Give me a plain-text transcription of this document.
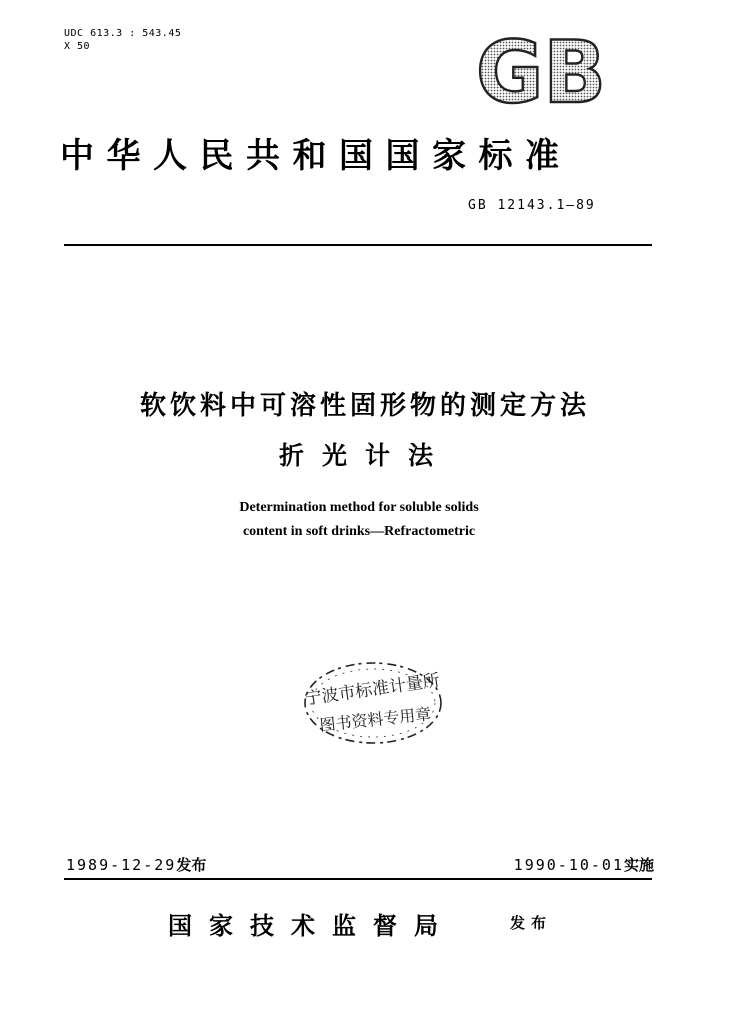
UDC 613.3 : 543.45
X 50	GB
中华人民共和国国家标准
GB 12143.1—89
软饮料中可溶性固形物的测定方法
折光计法
Determination method for soluble solids
content in soft drinks—Refractometric
宁波市标准计量所
图书资料专用章
1989-12-29发布	1990-10-01实施
国家技术监督局	发布
